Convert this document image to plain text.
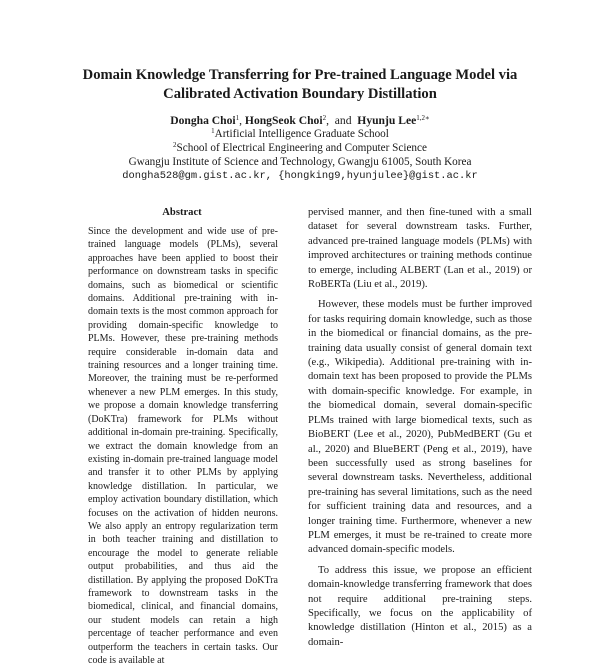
Domain Knowledge Transferring for Pre-trained Language Model via
Calibrated Activation Boundary Distillation
Dongha Choi$^1$, HongSeok Choi$^2$,  and  Hyunju Lee$^{1,2∗}$
$^1$Artificial Intelligence Graduate School
$^2$School of Electrical Engineering and Computer Science
Gwangju Institute of Science and Technology, Gwangju 61005, South Korea
dongha528@gm.gist.ac.kr, {hongking9,hyunjulee}@gist.ac.kr
Abstract

Since the development and wide use of pre-trained language models (PLMs), several approaches have been applied to boost their performance on downstream tasks in specific domains, such as biomedical or scientific domains. Additional pre-training with in-domain texts is the most common approach for providing domain-specific knowledge to PLMs. However, these pre-training methods require considerable in-domain data and training resources and a longer training time. Moreover, the training must be re-performed whenever a new PLM emerges. In this study, we propose a domain knowledge transferring (DoKTra) framework for PLMs without additional in-domain pre-training. Specifically, we extract the domain knowledge from an existing in-domain pre-trained language model and transfer it to other PLMs by applying knowledge distillation. In particular, we employ activation boundary distillation, which focuses on the activation of hidden neurons. We also apply an entropy regularization term in both teacher training and distillation to encourage the model to generate reliable output probabilities, and thus aid the distillation. By applying the proposed DoKTra framework to downstream tasks in the biomedical, clinical, and financial domains, our student models can retain a high percentage of teacher performance and even outperform the teachers in certain tasks. Our code is available at

pervised manner, and then fine-tuned with a small dataset for several downstream tasks. Further, advanced pre-trained language models (PLMs) with improved architectures or training methods continue to emerge, including ALBERT (Lan et al., 2019) or RoBERTa (Liu et al., 2019).

However, these models must be further improved for tasks requiring domain knowledge, such as those in the biomedical or financial domains, as the pre-training data usually consist of general domain text (e.g., Wikipedia). Additional pre-training with in-domain text has been proposed to provide the PLMs with domain-specific knowledge. For example, in the biomedical domain, several domain-specific PLMs trained with large biomedical texts, such as BioBERT (Lee et al., 2020), PubMedBERT (Gu et al., 2020) and BlueBERT (Peng et al., 2019), have been successfully used as strong baselines for several downstream tasks. Nevertheless, additional pre-training has several limitations, such as the need for sufficient training data and resources, and a longer training time. Furthermore, whenever a new PLM emerges, it must be re-trained to create more advanced domain-specific models.

To address this issue, we propose an efficient domain-knowledge transferring framework that does not require additional pre-training steps. Specifically, we focus on the applicability of knowledge distillation (Hinton et al., 2015) as a domain-
